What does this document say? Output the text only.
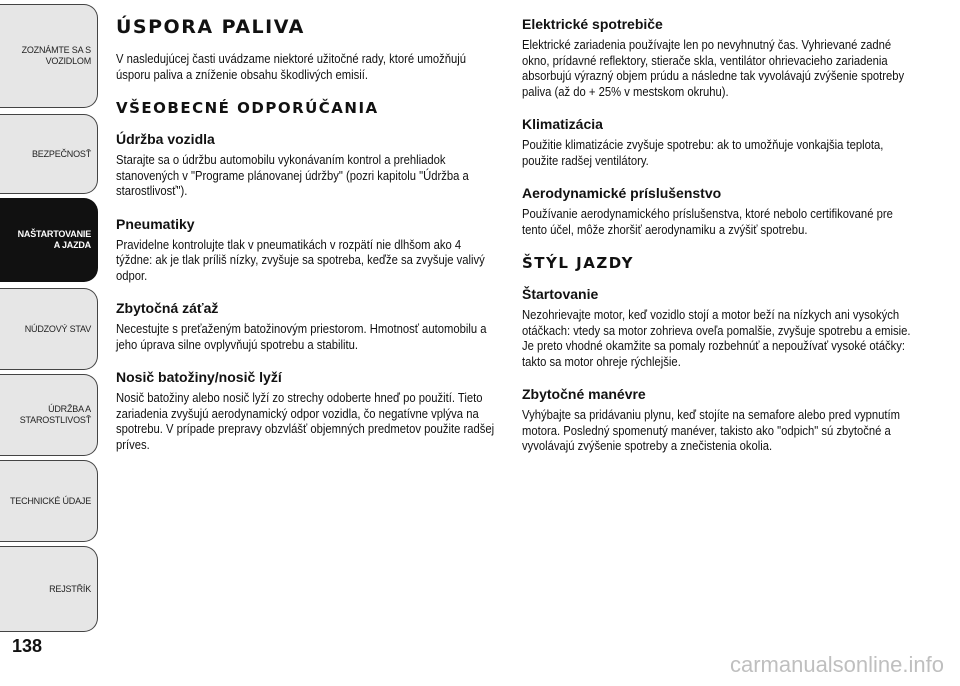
ZOZNÁMTE SA S
VOZIDLOM
BEZPEČNOSŤ
NAŠTARTOVANIE
A JAZDA
NÚDZOVÝ STAV
ÚDRŽBA A
STAROSTLIVOSŤ
TECHNICKÉ ÚDAJE
REJSTŘÍK
138
ÚSPORA PALIVA

V nasledujúcej časti uvádzame niektoré užitočné rady, ktoré umožňujú úsporu paliva a zníženie obsahu škodlivých emisií.

VŠEOBECNÉ ODPORÚČANIA
Údržba vozidla

Starajte sa o údržbu automobilu vykonávaním kontrol a prehliadok stanovených v "Programe plánovanej údržby" (pozri kapitolu "Údržba a starostlivosť").

Pneumatiky

Pravidelne kontrolujte tlak v pneumatikách v rozpätí nie dlhšom ako 4 týždne: ak je tlak príliš nízky, zvyšuje sa spotreba, keďže sa zvyšuje valivý odpor.

Zbytočná záťaž

Necestujte s preťaženým batožinovým priestorom. Hmotnosť automobilu a jeho úprava silne ovplyvňujú spotrebu a stabilitu.

Nosič batožiny/nosič lyží

Nosič batožiny alebo nosič lyží zo strechy odoberte hneď po použití. Tieto zariadenia zvyšujú aerodynamický odpor vozidla, čo negatívne vplýva na spotrebu. V prípade prepravy obzvlášť objemných predmetov použite radšej príves.

Elektrické spotrebiče

Elektrické zariadenia používajte len po nevyhnutný čas. Vyhrievané zadné okno, prídavné reflektory, stierače skla, ventilátor ohrievacieho zariadenia absorbujú výrazný objem prúdu a následne tak vyvolávajú zvýšenie spotreby paliva (až do + 25% v mestskom okruhu).

Klimatizácia

Použitie klimatizácie zvyšuje spotrebu: ak to umožňuje vonkajšia teplota, použite radšej ventilátory.

Aerodynamické príslušenstvo

Používanie aerodynamického príslušenstva, ktoré nebolo certifikované pre tento účel, môže zhoršiť aerodynamiku a zvýšiť spotrebu.

ŠTÝL JAZDY
Štartovanie

Nezohrievajte motor, keď vozidlo stojí a motor beží na nízkych ani vysokých otáčkach: vtedy sa motor zohrieva oveľa pomalšie, zvyšuje spotrebu a emisie. Je preto vhodné okamžite sa pomaly rozbehnúť a nepoužívať vysoké otáčky: takto sa motor ohreje rýchlejšie.

Zbytočné manévre

Vyhýbajte sa pridávaniu plynu, keď stojíte na semafore alebo pred vypnutím motora. Posledný spomenutý manéver, takisto ako "odpich" sú zbytočné a vyvolávajú zvýšenie spotreby a znečistenia okolia.

carmanualsonline.info
